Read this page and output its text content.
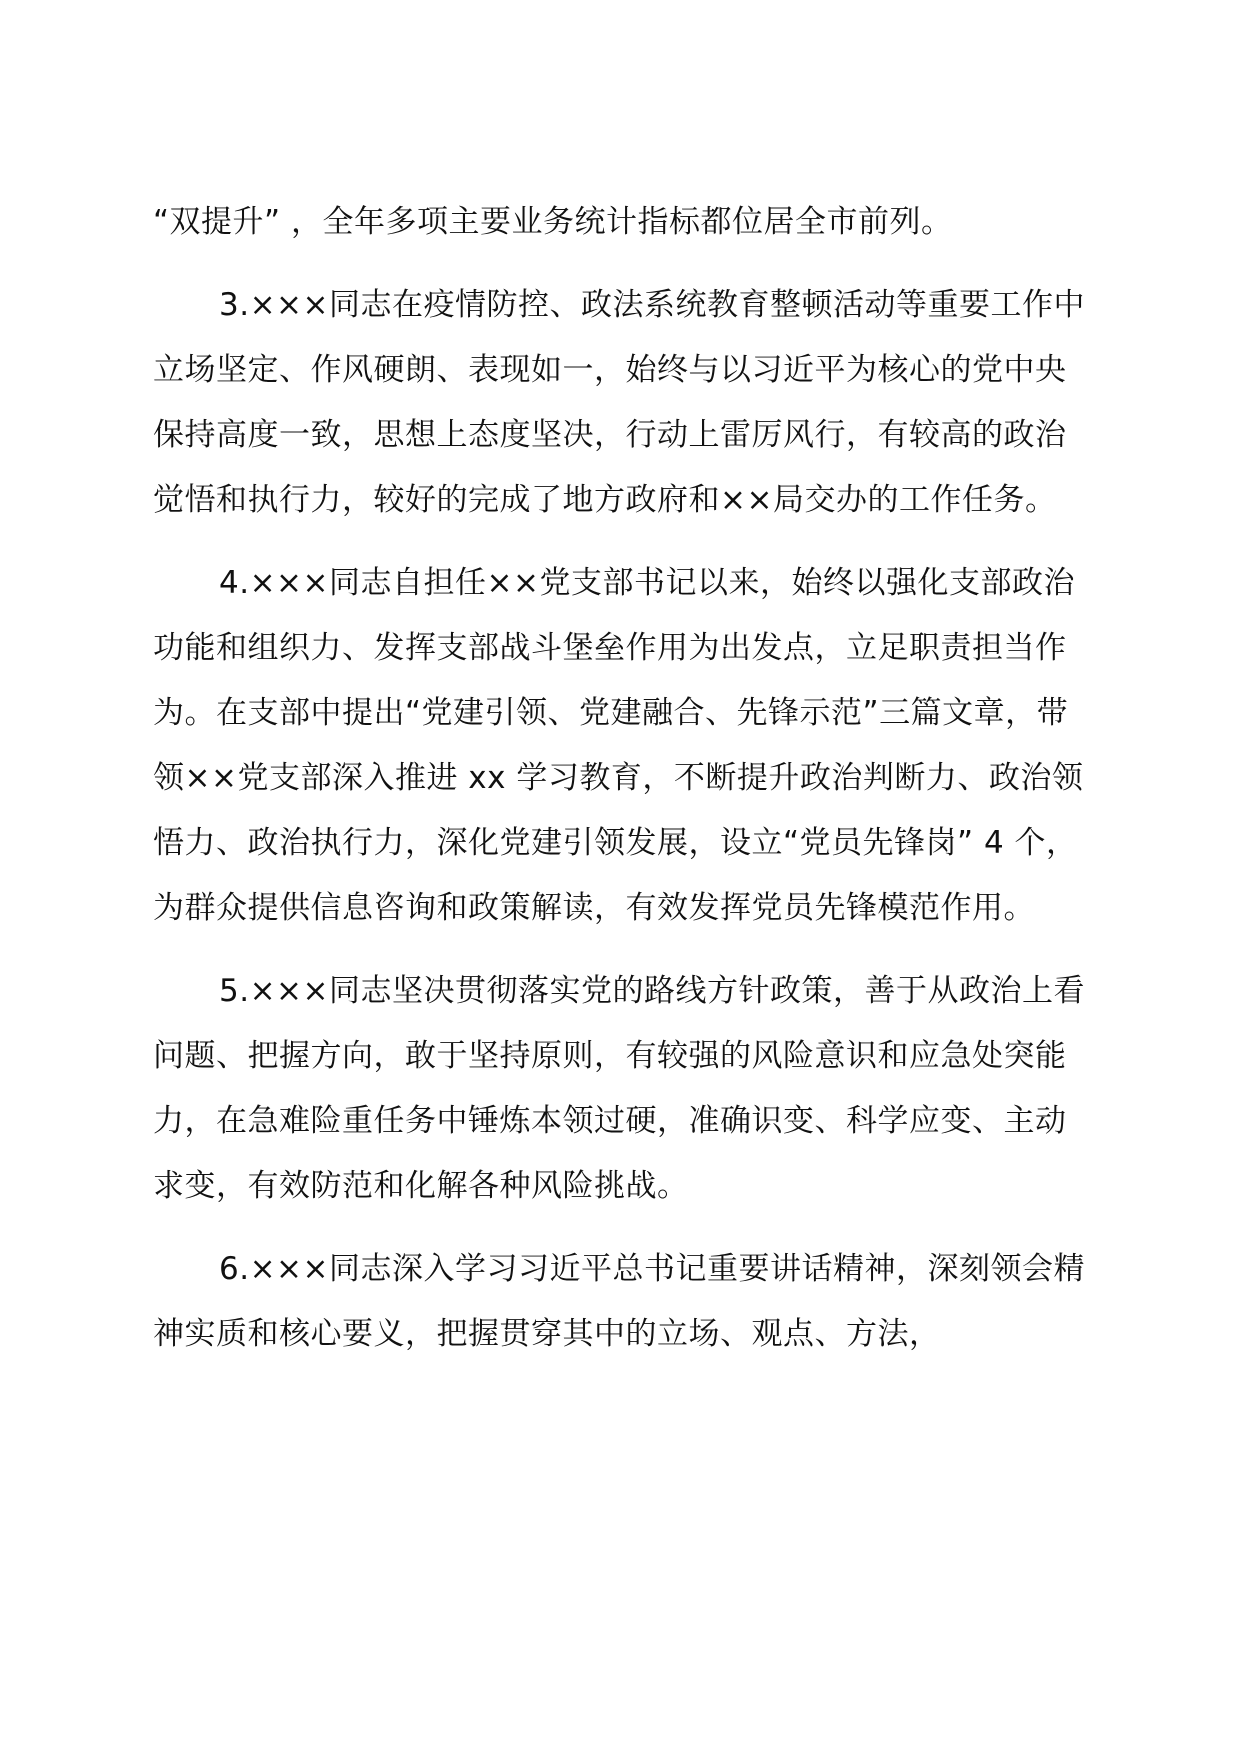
“双提升” ，全年多项主要业务统计指标都位居全市前列。

3.×××同志在疫情防控、政法系统教育整顿活动等重要工作中立场坚定、作风硬朗、表现如一，始终与以习近平为核心的党中央保持高度一致，思想上态度坚决，行动上雷厉风行，有较高的政治觉悟和执行力，较好的完成了地方政府和××局交办的工作任务。

4.×××同志自担任××党支部书记以来，始终以强化支部政治功能和组织力、发挥支部战斗堡垒作用为出发点，立足职责担当作为。在支部中提出“党建引领、党建融合、先锋示范”三篇文章，带领××党支部深入推进 xx 学习教育，不断提升政治判断力、政治领悟力、政治执行力，深化党建引领发展，设立“党员先锋岗” 4 个，为群众提供信息咨询和政策解读，有效发挥党员先锋模范作用。

5.×××同志坚决贯彻落实党的路线方针政策，善于从政治上看问题、把握方向，敢于坚持原则，有较强的风险意识和应急处突能力，在急难险重任务中锤炼本领过硬，准确识变、科学应变、主动求变，有效防范和化解各种风险挑战。

6.×××同志深入学习习近平总书记重要讲话精神，深刻领会精神实质和核心要义，把握贯穿其中的立场、观点、方法，
